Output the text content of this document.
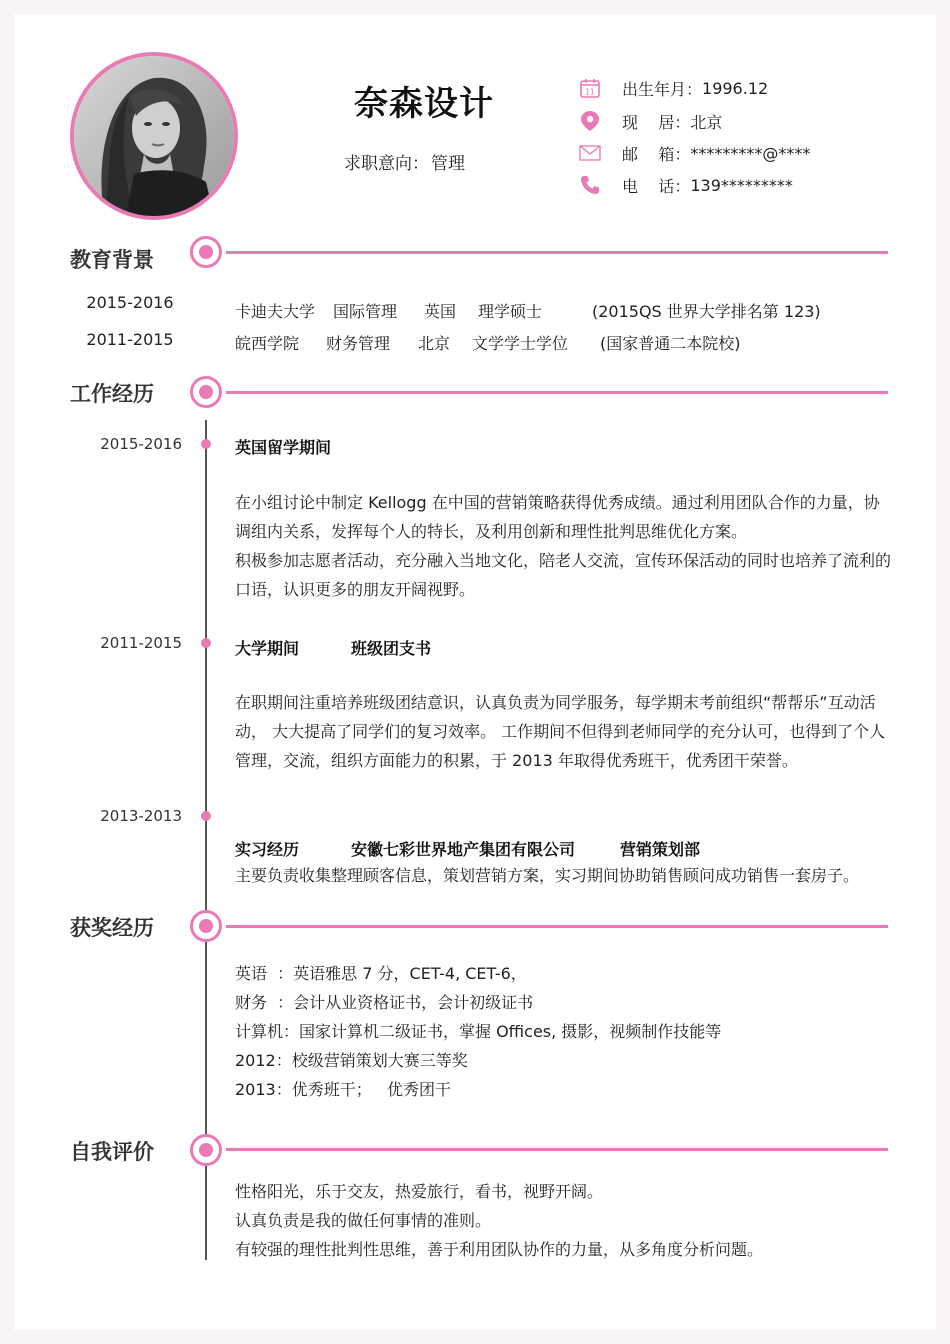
奈森设计
求职意向： 管理
11 出生年月： 1996.12
现    居： 北京
邮    箱： *********@****
电    话： 139*********
教育背景
2015-2016	卡迪夫大学 国际管理 英国 理学硕士	(2015QS 世界大学排名第 123)
2011-2015	皖西学院 财务管理 北京 文学学士学位 (国家普通二本院校)
工作经历
2015-2016	英国留学期间
在小组讨论中制定 Kellogg 在中国的营销策略获得优秀成绩。通过利用团队合作的力量，协调组内关系，发挥每个人的特长，及利用创新和理性批判思维优化方案。
积极参加志愿者活动，充分融入当地文化，陪老人交流，宣传环保活动的同时也培养了流利的口语，认识更多的朋友开阔视野。
2011-2015	大学期间	班级团支书
在职期间注重培养班级团结意识，认真负责为同学服务，每学期末考前组织“帮帮乐”互动活动， 大大提高了同学们的复习效率。 工作期间不但得到老师同学的充分认可，也得到了个人管理，交流，组织方面能力的积累，于 2013 年取得优秀班干，优秀团干荣誉。
2013-2013
实习经历	安徽七彩世界地产集团有限公司	营销策划部
主要负责收集整理顾客信息，策划营销方案，实习期间协助销售顾问成功销售一套房子。
获奖经历
英语  ：英语雅思 7 分，CET-4, CET-6，
财务  ：会计从业资格证书，会计初级证书
计算机：国家计算机二级证书，掌握 Offices, 摄影，视频制作技能等
2012：校级营销策划大赛三等奖
2013：优秀班干；   优秀团干
自我评价
性格阳光，乐于交友，热爱旅行，看书，视野开阔。
认真负责是我的做任何事情的准则。
有较强的理性批判性思维，善于利用团队协作的力量，从多角度分析问题。
